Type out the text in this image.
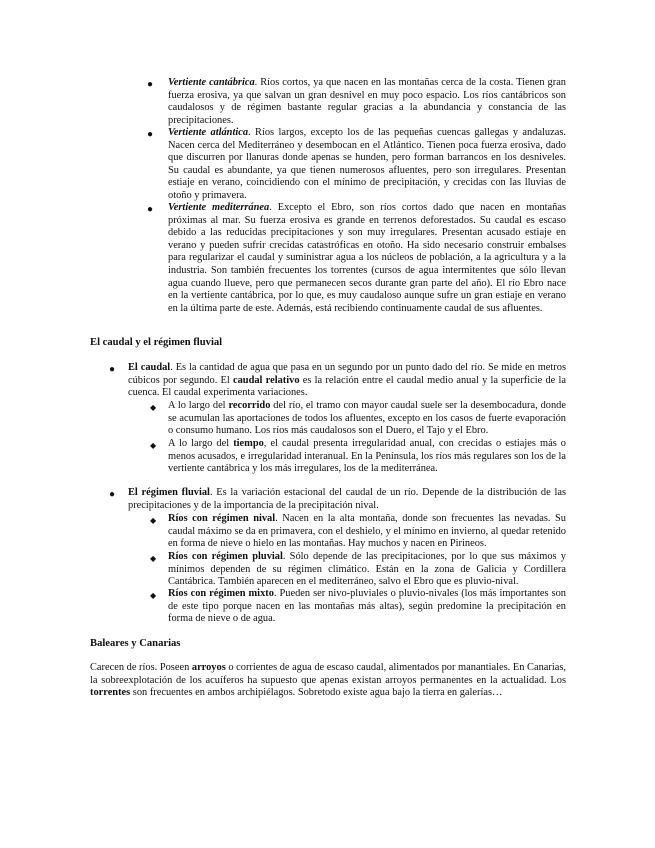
● Vertiente cantábrica. Ríos cortos, ya que nacen en las montañas cerca de la costa. Tienen gran fuerza erosiva, ya que salvan un gran desnivel en muy poco espacio. Los ríos cantábricos son caudalosos y de régimen bastante regular gracias a la abundancia y constancia de las precipitaciones.

● Vertiente atlántica. Ríos largos, excepto los de las pequeñas cuencas gallegas y andaluzas. Nacen cerca del Mediterráneo y desembocan en el Atlántico. Tienen poca fuerza erosiva, dado que discurren por llanuras donde apenas se hunden, pero forman barrancos en los desniveles. Su caudal es abundante, ya que tienen numerosos afluentes, pero son irregulares. Presentan estiaje en verano, coincidiendo con el mínimo de precipitación, y crecidas con las lluvias de otoño y primavera.

● Vertiente mediterránea. Excepto el Ebro, son ríos cortos dado que nacen en montañas próximas al mar. Su fuerza erosiva es grande en terrenos deforestados. Su caudal es escaso debido a las reducidas precipitaciones y son muy irregulares. Presentan acusado estiaje en verano y pueden sufrir crecidas catastróficas en otoño. Ha sido necesario construir embalses para regularizar el caudal y suministrar agua a los núcleos de población, a la agricultura y a la industria. Son también frecuentes los torrentes (cursos de agua intermitentes que sólo llevan agua cuando llueve, pero que permanecen secos durante gran parte del año). El río Ebro nace en la vertiente cantábrica, por lo que, es muy caudaloso aunque sufre un gran estiaje en verano en la última parte de este. Además, está recibiendo continuamente caudal de sus afluentes.

El caudal y el régimen fluvial
● El caudal. Es la cantidad de agua que pasa en un segundo por un punto dado del río. Se mide en metros cúbicos por segundo. El caudal relativo es la relación entre el caudal medio anual y la superficie de la cuenca. El caudal experimenta variaciones.

◆ A lo largo del recorrido del río, el tramo con mayor caudal suele ser la desembocadura, donde se acumulan las aportaciones de todos los afluentes, excepto en los casos de fuerte evaporación o consumo humano. Los ríos más caudalosos son el Duero, el Tajo y el Ebro.

◆ A lo largo del tiempo, el caudal presenta irregularidad anual, con crecidas o estiajes más o menos acusados, e irregularidad interanual. En la Península, los ríos más regulares son los de la vertiente cantábrica y los más irregulares, los de la mediterránea.

● El régimen fluvial. Es la variación estacional del caudal de un río. Depende de la distribución de las precipitaciones y de la importancia de la precipitación nival.

◆ Ríos con régimen nival. Nacen en la alta montaña, donde son frecuentes las nevadas. Su caudal máximo se da en primavera, con el deshielo, y el mínimo en invierno, al quedar retenido en forma de nieve o hielo en las montañas. Hay muchos y nacen en Pirineos.

◆ Ríos con régimen pluvial. Sólo depende de las precipitaciones, por lo que sus máximos y mínimos dependen de su régimen climático. Están en la zona de Galicia y Cordillera Cantábrica. También aparecen en el mediterráneo, salvo el Ebro que es pluvio-nival.

◆ Ríos con régimen mixto. Pueden ser nivo-pluviales o pluvio-nivales (los más importantes son de este tipo porque nacen en las montañas más altas), según predomine la precipitación en forma de nieve o de agua.

Baleares y Canarias

Carecen de ríos. Poseen arroyos o corrientes de agua de escaso caudal, alimentados por manantiales. En Canarias, la sobreexplotación de los acuíferos ha supuesto que apenas existan arroyos permanentes en la actualidad. Los torrentes son frecuentes en ambos archipiélagos. Sobretodo existe agua bajo la tierra en galerías…
